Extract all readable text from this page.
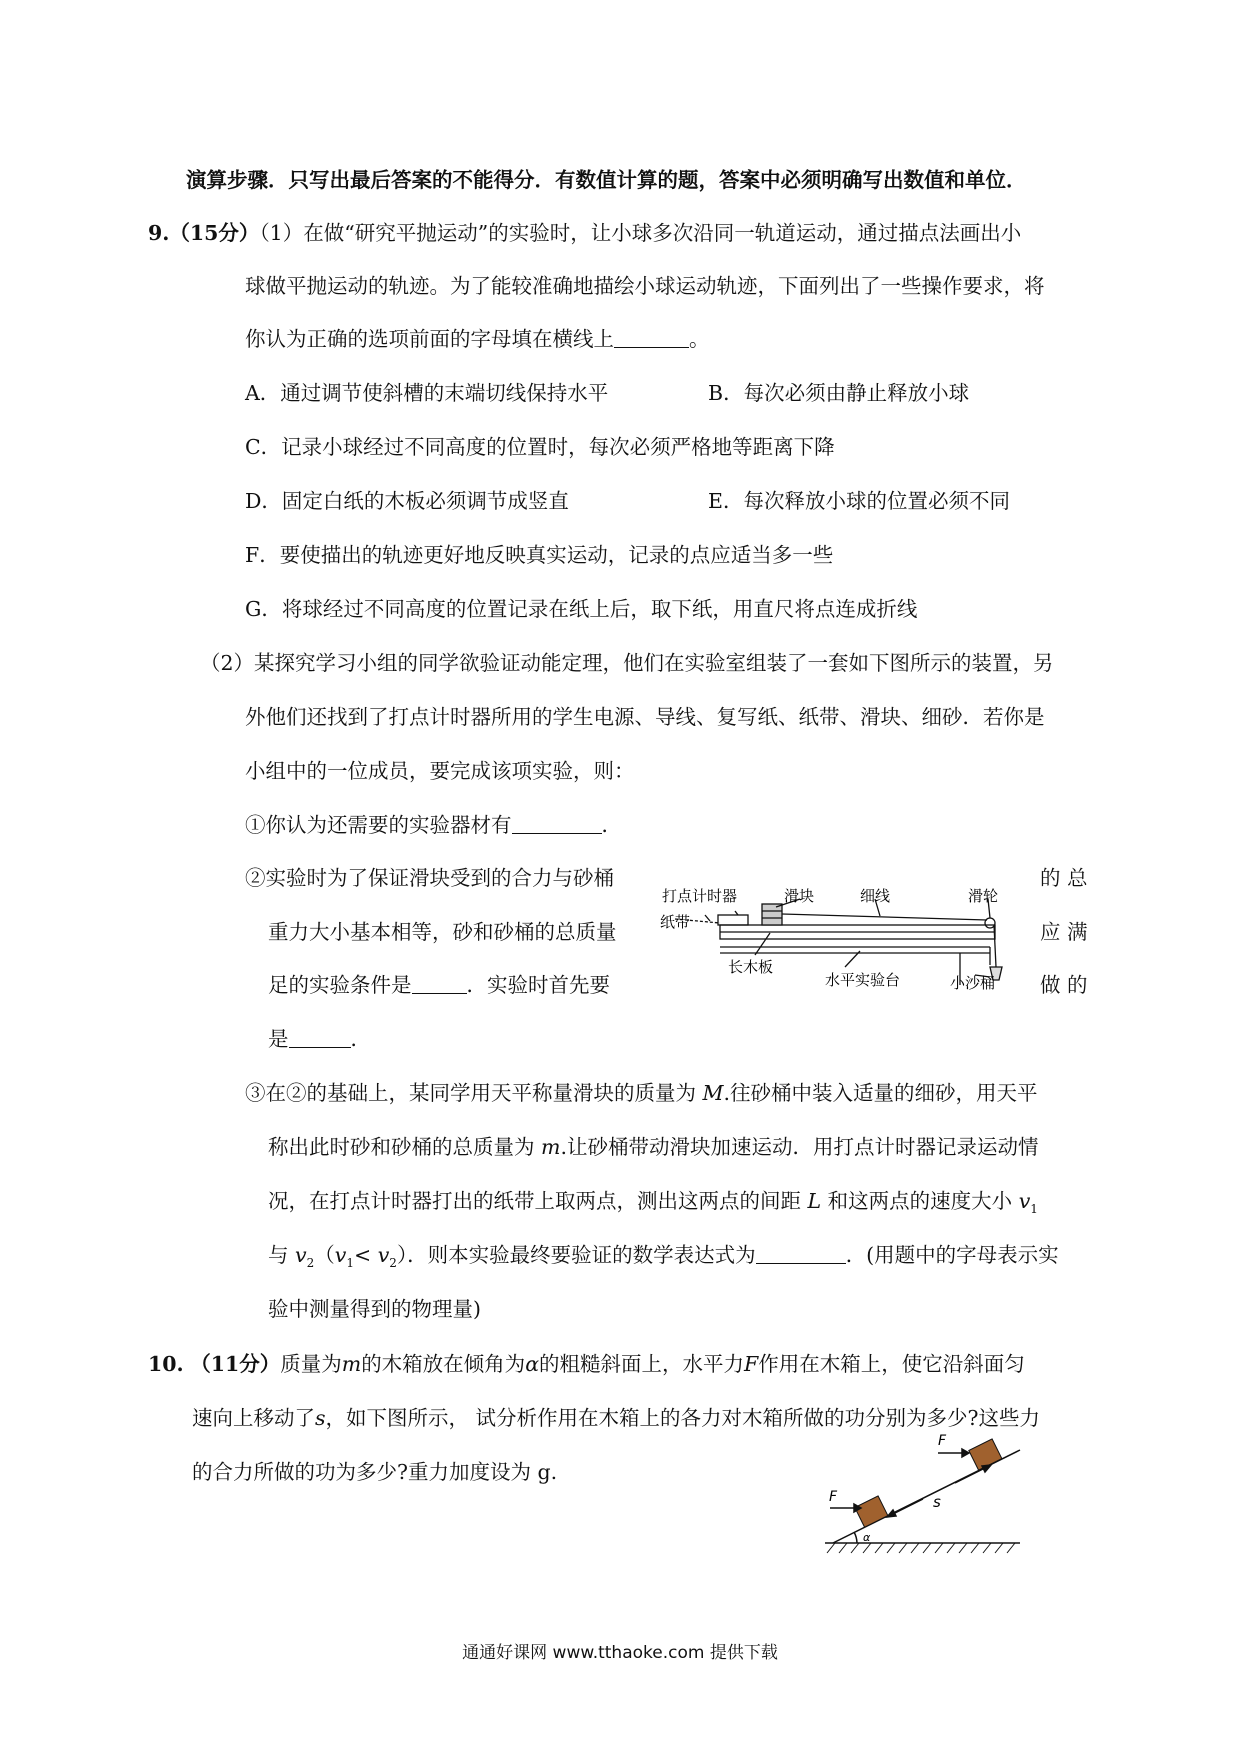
演算步骤．只写出最后答案的不能得分．有数值计算的题，答案中必须明确写出数值和单位．
9.（15分）（1）在做“研究平抛运动”的实验时，让小球多次沿同一轨道运动，通过描点法画出小
球做平抛运动的轨迹。为了能较准确地描绘小球运动轨迹，下面列出了一些操作要求，将
你认为正确的选项前面的字母填在横线上	。
A．通过调节使斜槽的末端切线保持水平	B．每次必须由静止释放小球
C．记录小球经过不同高度的位置时，每次必须严格地等距离下降
D．固定白纸的木板必须调节成竖直	E．每次释放小球的位置必须不同
F．要使描出的轨迹更好地反映真实运动，记录的点应适当多一些
G．将球经过不同高度的位置记录在纸上后，取下纸，用直尺将点连成折线
（2）某探究学习小组的同学欲验证动能定理，他们在实验室组装了一套如下图所示的装置，另
外他们还找到了打点计时器所用的学生电源、导线、复写纸、纸带、滑块、细砂．若你是
小组中的一位成员，要完成该项实验，则：
①你认为还需要的实验器材有	．
②实验时为了保证滑块受到的合力与砂桶	的 总
重力大小基本相等，砂和砂桶的总质量	应 满
足的实验条件是	．实验时首先要	做 的
是	．
打点计时器	滑块	细线	滑轮
纸带
长木板
水平实验台	小沙桶
③在②的基础上，某同学用天平称量滑块的质量为 M.往砂桶中装入适量的细砂，用天平
称出此时砂和砂桶的总质量为 m.让砂桶带动滑块加速运动．用打点计时器记录运动情
况，在打点计时器打出的纸带上取两点，测出这两点的间距 L 和这两点的速度大小 $v_1$
与 $v_2(v_1< v_2)$．则本实验最终要验证的数学表达式为	．(用题中的字母表示实
验中测量得到的物理量)
10. （11分）质量为m的木箱放在倾角为α的粗糙斜面上，水平力F作用在木箱上，使它沿斜面匀
速向上移动了s，如下图所示， 试分析作用在木箱上的各力对木箱所做的功分别为多少?这些力
的合力所做的功为多少?重力加度设为 g.
F
F
s
α
通通好课网 www.tthaoke.com 提供下载
